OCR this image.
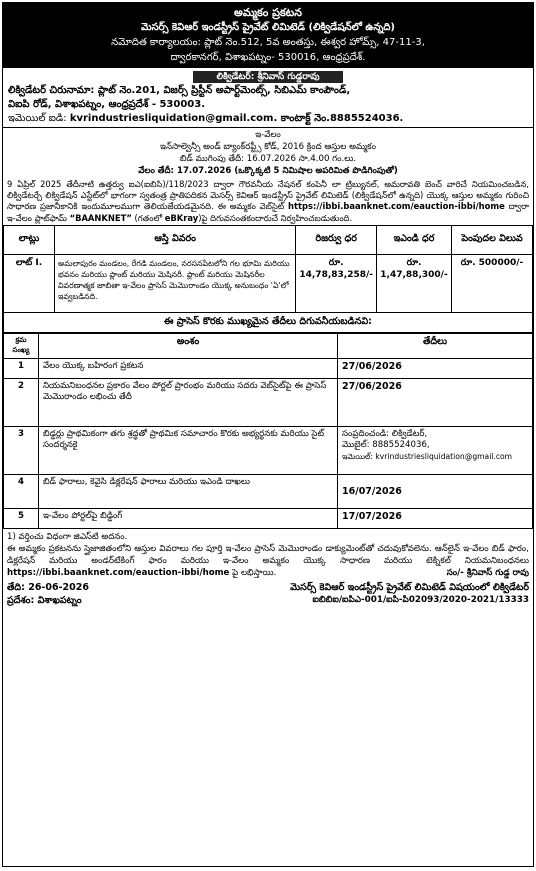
అమ్మకం ప్రకటన
మెసర్స్ కెవిఆర్ ఇండస్ట్రీస్ ప్రైవేట్ లిమిటెడ్ (లిక్విడేషన్‌లో ఉన్నది)
నమోదిత కార్యాలయం: ప్లాట్ నెం.512, 5వ అంతస్తు, ఈశ్వర హోమ్స్, 47-11-3,
ద్వారకానగర్, విశాఖపట్నం- 530016, ఆంధ్రప్రదేశ్.
లిక్విడేటర్: శ్రీనివాస్ గుడ్డరావు
లిక్విడేటర్ చిరునామా: ప్లాట్ నెం.201, విజర్స్ ప్రిస్టీన్ అపార్ట్‌మెంట్స్, సిబిఎమ్ కాంపౌండ్,
విఐపి రోడ్, విశాఖపట్నం, ఆంధ్రప్రదేశ్ - 530003.
ఇమెయిల్ ఐడి: kvrindustriesliquidation@gmail.com. కాంటాక్ట్ నెం.8885524036.
ఇ-వేలం
ఇన్‌సాల్వెన్సీ అండ్ బ్యాంక్‌రప్ట్సీ కోడ్, 2016 క్రింద ఆస్తుల అమ్మకం
బిడ్ ముగింపు తేదీ: 16.07.2026 సా.4.00 గం.లు.
వేలం తేదీ: 17.07.2026 (ఒక్కొక్కటి 5 నిమిషాల అపరిమిత పొడిగింపుతో)
9 ఏప్రిల్ 2025 తేదీనాటి ఉత్తర్వు ఐఎ(ఐబిసి)/118/2023 ద్వారా గౌరవనీయ నేషనల్ కంపెనీ లా ట్రిబ్యునల్, అమరావతి బెంచ్ వారిచే నియమించబడిన, లిక్విడేటర్చే లిక్విడేషన్ ఎస్టేట్‌లో భాగంగా స్వతంత్ర ప్రాతిపదికన మెసర్స్ కెవిఆర్ ఇండస్ట్రీస్ ప్రైవేట్ లిమిటెడ్ (లిక్విడేషన్‌లో ఉన్నది) యొక్క ఆస్తుల అమ్మకం గురించి సాధారణ ప్రజానీకానికి ఇందుమూలముగా తెలియజేయడమైనది. ఈ అమ్మకం వెబ్‌సైట్ https://ibbi.baanknet.com/eauction-ibbi/home ద్వారా ఇ-వేలం ప్లాట్‌ఫామ్ “BAANKNET” (గతంలో eBKray)పై దిగువసంతకందారుచే నిర్వహించబడుతుంది.
లాట్లు	ఆస్తి వివరం	రిజర్వు ధర	ఇఎండి ధర	పెంపుదల విలువ
లాట్ I.	అమలాపురం మండలం, రేగడి మండలం, నరసనపేటలోని గల భూమి మరియు భవనం మరియు ప్లాంట్ మరియు మెషినరీ. ప్లాంట్ మరియు మెషినరీల వివరణాత్మక జాబితా ఇ-వేలం ప్రాసెస్ మెమొరాండం యొక్క అనుబంధం 'ఏ'లో ఇవ్వబడినది.	రూ. 14,78,83,258/-	రూ. 1,47,88,300/-	రూ. 500000/-
ఈ ప్రాసెస్ కొరకు ముఖ్యమైన తేదీలు దిగువనీయబడినవి:
క్రమ సంఖ్య	అంశం	తేదీలు
1	వేలం యొక్క బహిరంగ ప్రకటన	27/06/2026
2	నియమనిబంధనల ప్రకారం వేలం పోర్టల్ ప్రారంభం మరియు సదరు వెబ్‌సైట్‌పై ఈ ప్రాసెస్ మెమొరాండం లభించు తేదీ	27/06/2026
3	బిడ్డర్లు ప్రాథమికంగా తగు శ్రద్ధతో ప్రాథమిక సమాచారం కొరకు అభ్యర్థనకు మరియు సైట్ సందర్శనకై	సంప్రదించండి: లిక్విడేటర్,
మొబైల్: 8885524036,
ఇమెయిల్: kvrindustriesliquidation@gmail.com

4	బిడ్ ఫారాలు, కెవైసి డిక్లరేషన్ ఫారాలు మరియు ఇఎండి దాఖలు	16/07/2026
5	ఇ-వేలం పోర్టల్‌పై బిడ్డింగ్	17/07/2026
1) వర్తించు విధంగా జిఎస్‌టి అదనం.
ఈ అమ్మకం ప్రకటనను స్తైజాజితంలోని ఆస్తుల వివరాలు గల పూర్తి ఇ-వేలం ప్రాసెస్ మెమొరాండం డాక్యుమెంట్‌తో చదువుకోవలెను. ఆన్‌లైన్ ఇ-వేలం బిడ్ ఫారం, డిక్లరేషన్ మరియు అండర్‌టేకింగ్ ఫారం మరియు ఇ-వేలం అమ్మకం యొక్క సాధారణ మరియు టెక్నికల్ నియమనిబంధనలు https://ibbi.baanknet.com/eauction-ibbi/home పై లభిస్తాయి.	సం/- శ్రీనివాస్ గుడ్డ రావు
తేది: 26-06-2026	మెసర్స్ కెవిఆర్ ఇండస్ట్రీస్ ప్రైవేట్ లిమిటెడ్ విషయంలో లిక్విడేటర్
ప్రదేశం: విశాఖపట్నం	ఐబిబిఐ/ఐపిఎ-001/ఐపి-పి02093/2020-2021/13333
